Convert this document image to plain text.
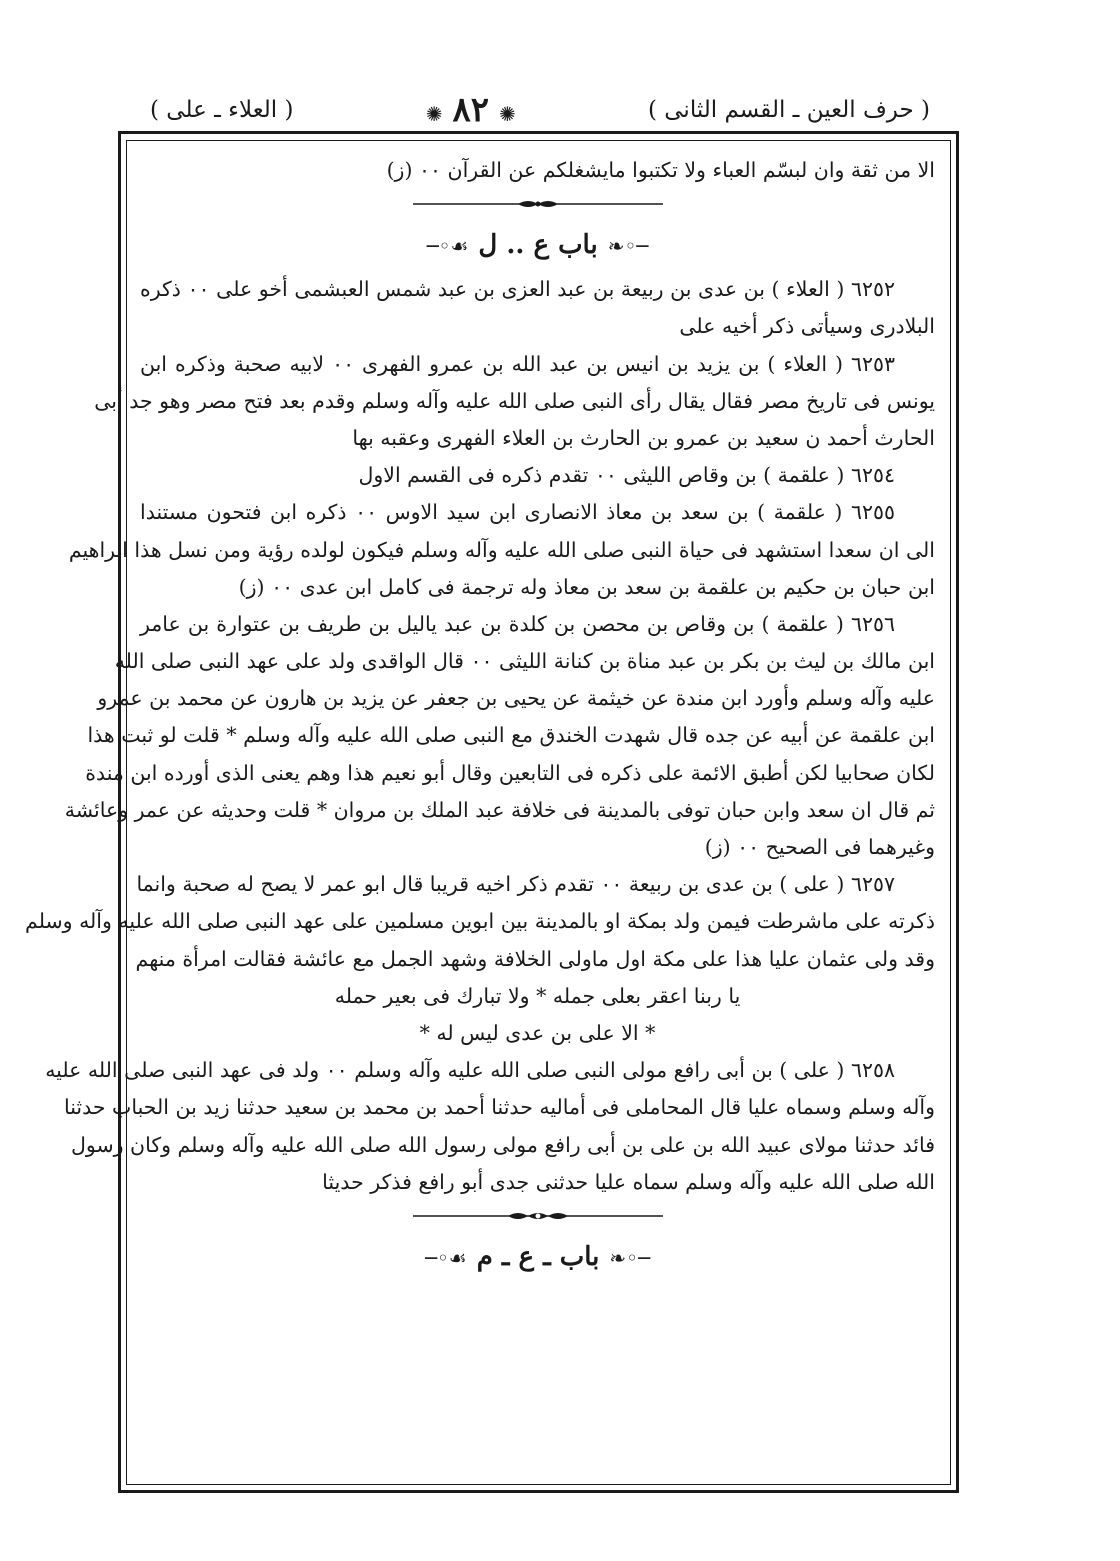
( حرف العين ـ القسم الثانى )
✺٨٢✺
( العلاء ـ على )
الا من ثقة وان لبسّم العباء ولا تكتبوا مايشغلكم عن القرآن ٠٠ (ز)
─◦❧باب ع .. ل☙◦─
٦٢٥٢ ( العلاء ) بن عدى بن ربيعة بن عبد العزى بن عبد شمس العبشمى أخو على ٠٠ ذكره
البلادرى وسيأتى ذكر أخيه على
٦٢٥٣ ( العلاء ) بن يزيد بن انيس بن عبد الله بن عمرو الفهرى ٠٠ لابيه صحبة وذكره ابن
يونس فى تاريخ مصر فقال يقال رأى النبى صلى الله عليه وآله وسلم وقدم بعد فتح مصر وهو جد أبى
الحارث أحمد ن سعيد بن عمرو بن الحارث بن العلاء الفهرى وعقبه بها
٦٢٥٤ ( علقمة ) بن وقاص الليثى ٠٠ تقدم ذكره فى القسم الاول
٦٢٥٥ ( علقمة ) بن سعد بن معاذ الانصارى ابن سيد الاوس ٠٠ ذكره ابن فتحون مستندا
الى ان سعدا استشهد فى حياة النبى صلى الله عليه وآله وسلم فيكون لولده رؤية ومن نسل هذا ابراهيم
ابن حبان بن حكيم بن علقمة بن سعد بن معاذ وله ترجمة فى كامل ابن عدى ٠٠ (ز)
٦٢٥٦ ( علقمة ) بن وقاص بن محصن بن كلدة بن عبد ياليل بن طريف بن عتوارة بن عامر
ابن مالك بن ليث بن بكر بن عبد مناة بن كنانة الليثى ٠٠ قال الواقدى ولد على عهد النبى صلى الله
عليه وآله وسلم وأورد ابن مندة عن خيثمة عن يحيى بن جعفر عن يزيد بن هارون عن محمد بن عمرو
ابن علقمة عن أبيه عن جده قال شهدت الخندق مع النبى صلى الله عليه وآله وسلم * قلت لو ثبت هذا
لكان صحابيا لكن أطبق الائمة على ذكره فى التابعين وقال أبو نعيم هذا وهم يعنى الذى أورده ابن مندة
ثم قال ان سعد وابن حبان توفى بالمدينة فى خلافة عبد الملك بن مروان * قلت وحديثه عن عمر وعائشة
وغيرهما فى الصحيح ٠٠ (ز)
٦٢٥٧ ( على ) بن عدى بن ربيعة ٠٠ تقدم ذكر اخيه قريبا قال ابو عمر لا يصح له صحبة وانما
ذكرته على ماشرطت فيمن ولد بمكة او بالمدينة بين ابوين مسلمين على عهد النبى صلى الله عليه وآله وسلم
وقد ولى عثمان عليا هذا على مكة اول ماولى الخلافة وشهد الجمل مع عائشة فقالت امرأة منهم
يا ربنا اعقر بعلى جمله * ولا تبارك فى بعير حمله
* الا على بن عدى ليس له *
٦٢٥٨ ( على ) بن أبى رافع مولى النبى صلى الله عليه وآله وسلم ٠٠ ولد فى عهد النبى صلى الله عليه
وآله وسلم وسماه عليا قال المحاملى فى أماليه حدثنا أحمد بن محمد بن سعيد حدثنا زيد بن الحباب حدثنا
فائد حدثنا مولاى عبيد الله بن على بن أبى رافع مولى رسول الله صلى الله عليه وآله وسلم وكان رسول
الله صلى الله عليه وآله وسلم سماه عليا حدثنى جدى أبو رافع فذكر حديثا
─◦❧باب ـ ع ـ م☙◦─
